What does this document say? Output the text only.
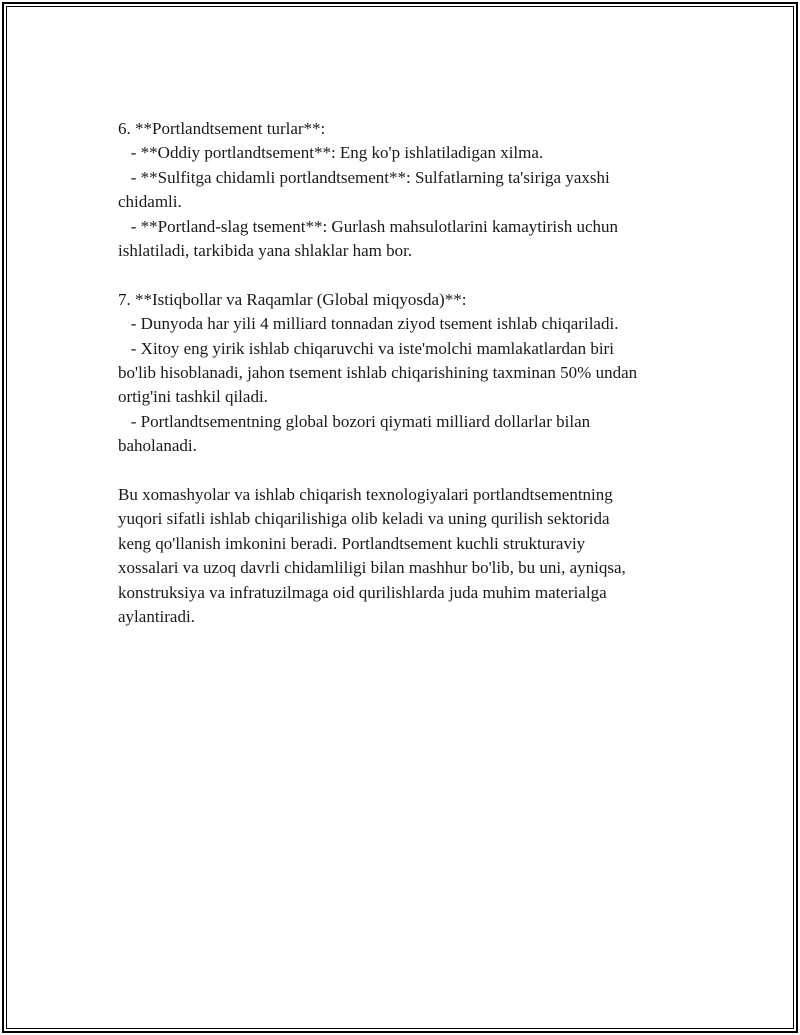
6. **Portlandtsement turlar**:
- **Oddiy portlandtsement**: Eng ko'p ishlatiladigan xilma.
- **Sulfitga chidamli portlandtsement**: Sulfatlarning ta'siriga yaxshi
chidamli.
- **Portland-slag tsement**: Gurlash mahsulotlarini kamaytirish uchun
ishlatiladi, tarkibida yana shlaklar ham bor.
7. **Istiqbollar va Raqamlar (Global miqyosda)**:
- Dunyoda har yili 4 milliard tonnadan ziyod tsement ishlab chiqariladi.
- Xitoy eng yirik ishlab chiqaruvchi va iste'molchi mamlakatlardan biri
bo'lib hisoblanadi, jahon tsement ishlab chiqarishining taxminan 50% undan
ortig'ini tashkil qiladi.
- Portlandtsementning global bozori qiymati milliard dollarlar bilan
baholanadi.
Bu xomashyolar va ishlab chiqarish texnologiyalari portlandtsementning
yuqori sifatli ishlab chiqarilishiga olib keladi va uning qurilish sektorida
keng qo'llanish imkonini beradi. Portlandtsement kuchli strukturaviy
xossalari va uzoq davrli chidamliligi bilan mashhur bo'lib, bu uni, ayniqsa,
konstruksiya va infratuzilmaga oid qurilishlarda juda muhim materialga
aylantiradi.
